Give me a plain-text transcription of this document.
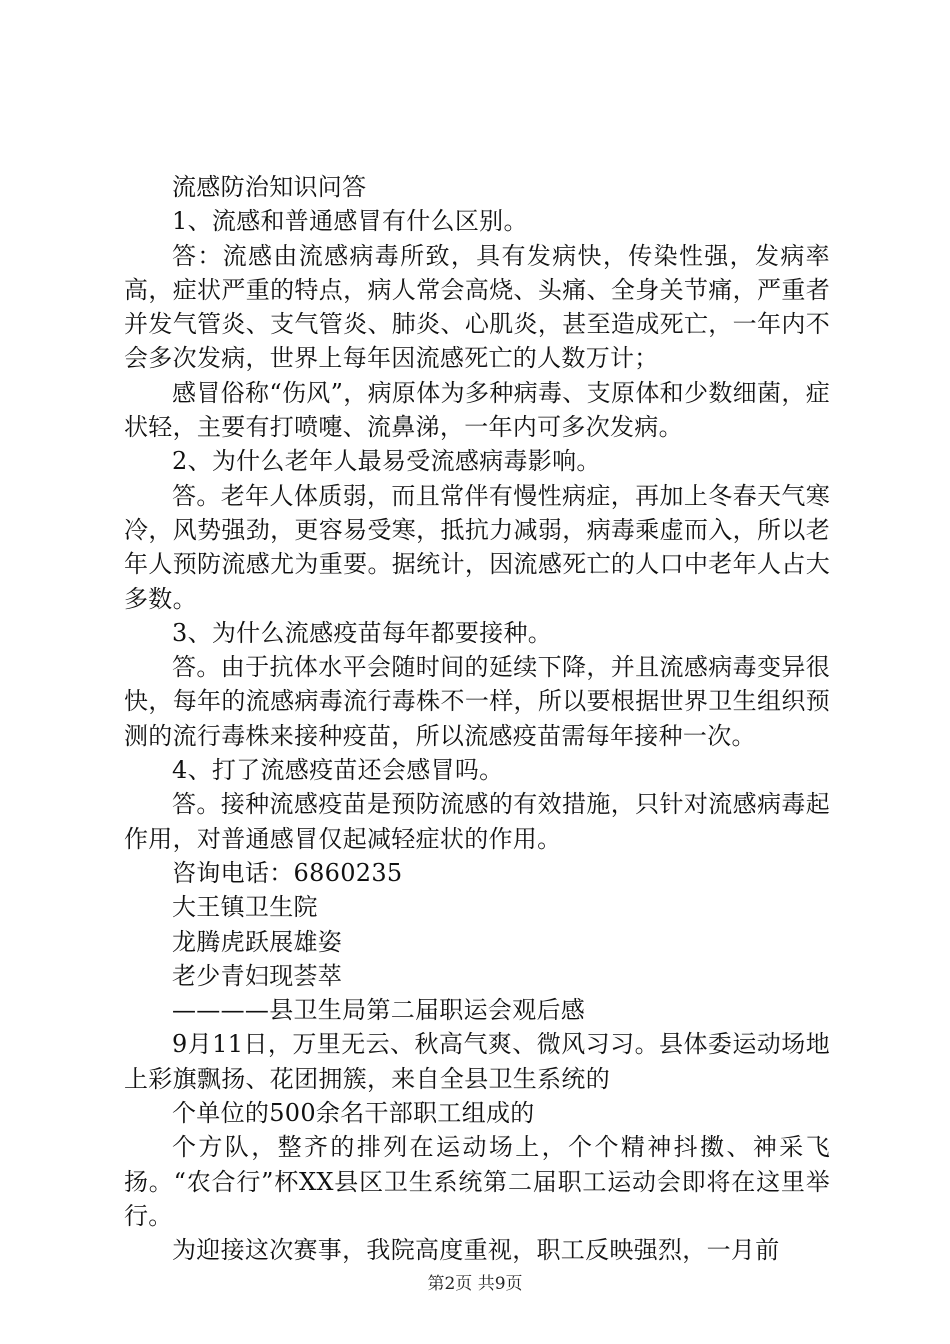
流感防治知识问答

1、流感和普通感冒有什么区别。

答：流感由流感病毒所致，具有发病快，传染性强，发病率高，症状严重的特点，病人常会高烧、头痛、全身关节痛，严重者并发气管炎、支气管炎、肺炎、心肌炎，甚至造成死亡，一年内不会多次发病，世界上每年因流感死亡的人数万计；

感冒俗称“伤风”，病原体为多种病毒、支原体和少数细菌，症状轻，主要有打喷嚏、流鼻涕，一年内可多次发病。

2、为什么老年人最易受流感病毒影响。

答。老年人体质弱，而且常伴有慢性病症，再加上冬春天气寒冷，风势强劲，更容易受寒，抵抗力减弱，病毒乘虚而入，所以老年人预防流感尤为重要。据统计，因流感死亡的人口中老年人占大多数。

3、为什么流感疫苗每年都要接种。

答。由于抗体水平会随时间的延续下降，并且流感病毒变异很快，每年的流感病毒流行毒株不一样，所以要根据世界卫生组织预测的流行毒株来接种疫苗，所以流感疫苗需每年接种一次。

4、打了流感疫苗还会感冒吗。

答。接种流感疫苗是预防流感的有效措施，只针对流感病毒起作用，对普通感冒仅起减轻症状的作用。

咨询电话：6860235

大王镇卫生院

龙腾虎跃展雄姿

老少青妇现荟萃

————县卫生局第二届职运会观后感

9月11日，万里无云、秋高气爽、微风习习。县体委运动场地上彩旗飘扬、花团拥簇，来自全县卫生系统的

个单位的500余名干部职工组成的

个方队，整齐的排列在运动场上，个个精神抖擞、神采飞扬。“农合行”杯XX县区卫生系统第二届职工运动会即将在这里举行。

为迎接这次赛事，我院高度重视，职工反映强烈，一月前

第2页 共9页
